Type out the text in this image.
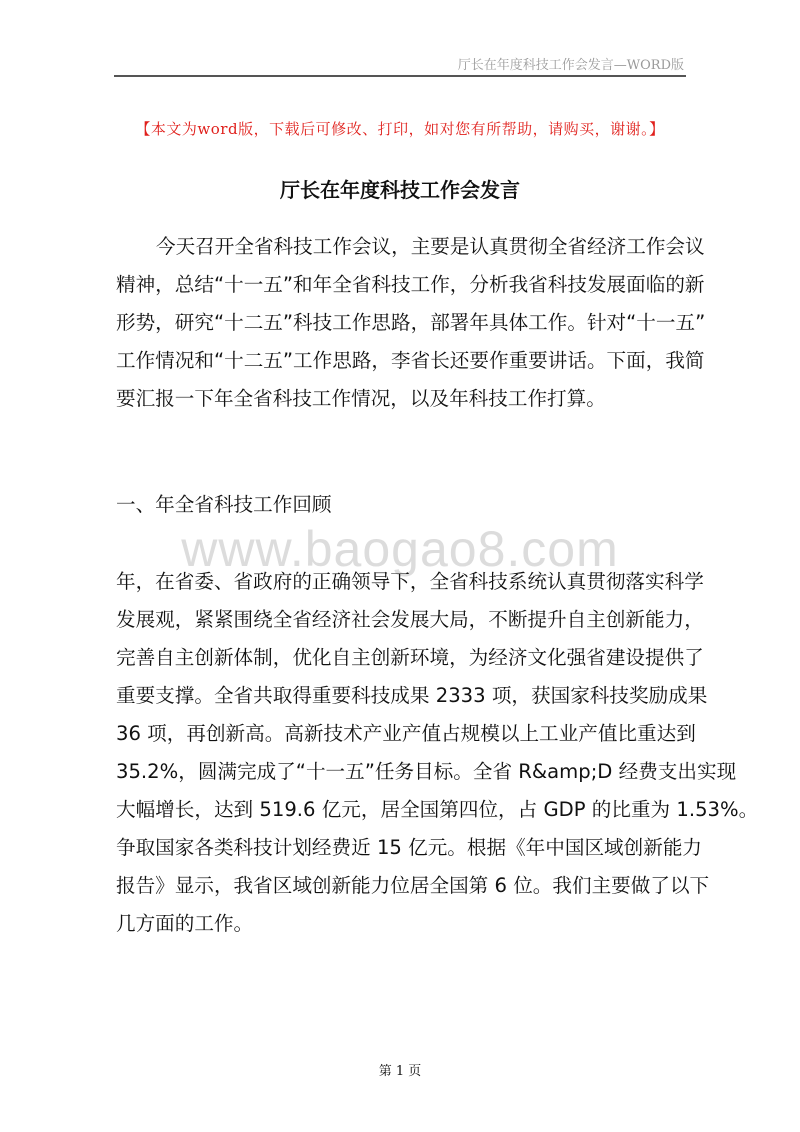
厅长在年度科技工作会发言—WORD版
【本文为word版，下载后可修改、打印，如对您有所帮助，请购买，谢谢。】
厅长在年度科技工作会发言
今天召开全省科技工作会议，主要是认真贯彻全省经济工作会议
精神，总结“十一五”和年全省科技工作，分析我省科技发展面临的新
形势，研究“十二五”科技工作思路，部署年具体工作。针对“十一五”
工作情况和“十二五”工作思路，李省长还要作重要讲话。下面，我简
要汇报一下年全省科技工作情况，以及年科技工作打算。
一、年全省科技工作回顾
www.baogao8.com
年，在省委、省政府的正确领导下，全省科技系统认真贯彻落实科学
发展观，紧紧围绕全省经济社会发展大局，不断提升自主创新能力，
完善自主创新体制，优化自主创新环境，为经济文化强省建设提供了
重要支撑。全省共取得重要科技成果 2333 项，获国家科技奖励成果
36 项，再创新高。高新技术产业产值占规模以上工业产值比重达到
35.2%，圆满完成了“十一五”任务目标。全省 R&amp;D 经费支出实现
大幅增长，达到 519.6 亿元，居全国第四位，占 GDP 的比重为 1.53%。
争取国家各类科技计划经费近 15 亿元。根据《年中国区域创新能力
报告》显示，我省区域创新能力位居全国第 6 位。我们主要做了以下
几方面的工作。
第 1 页
